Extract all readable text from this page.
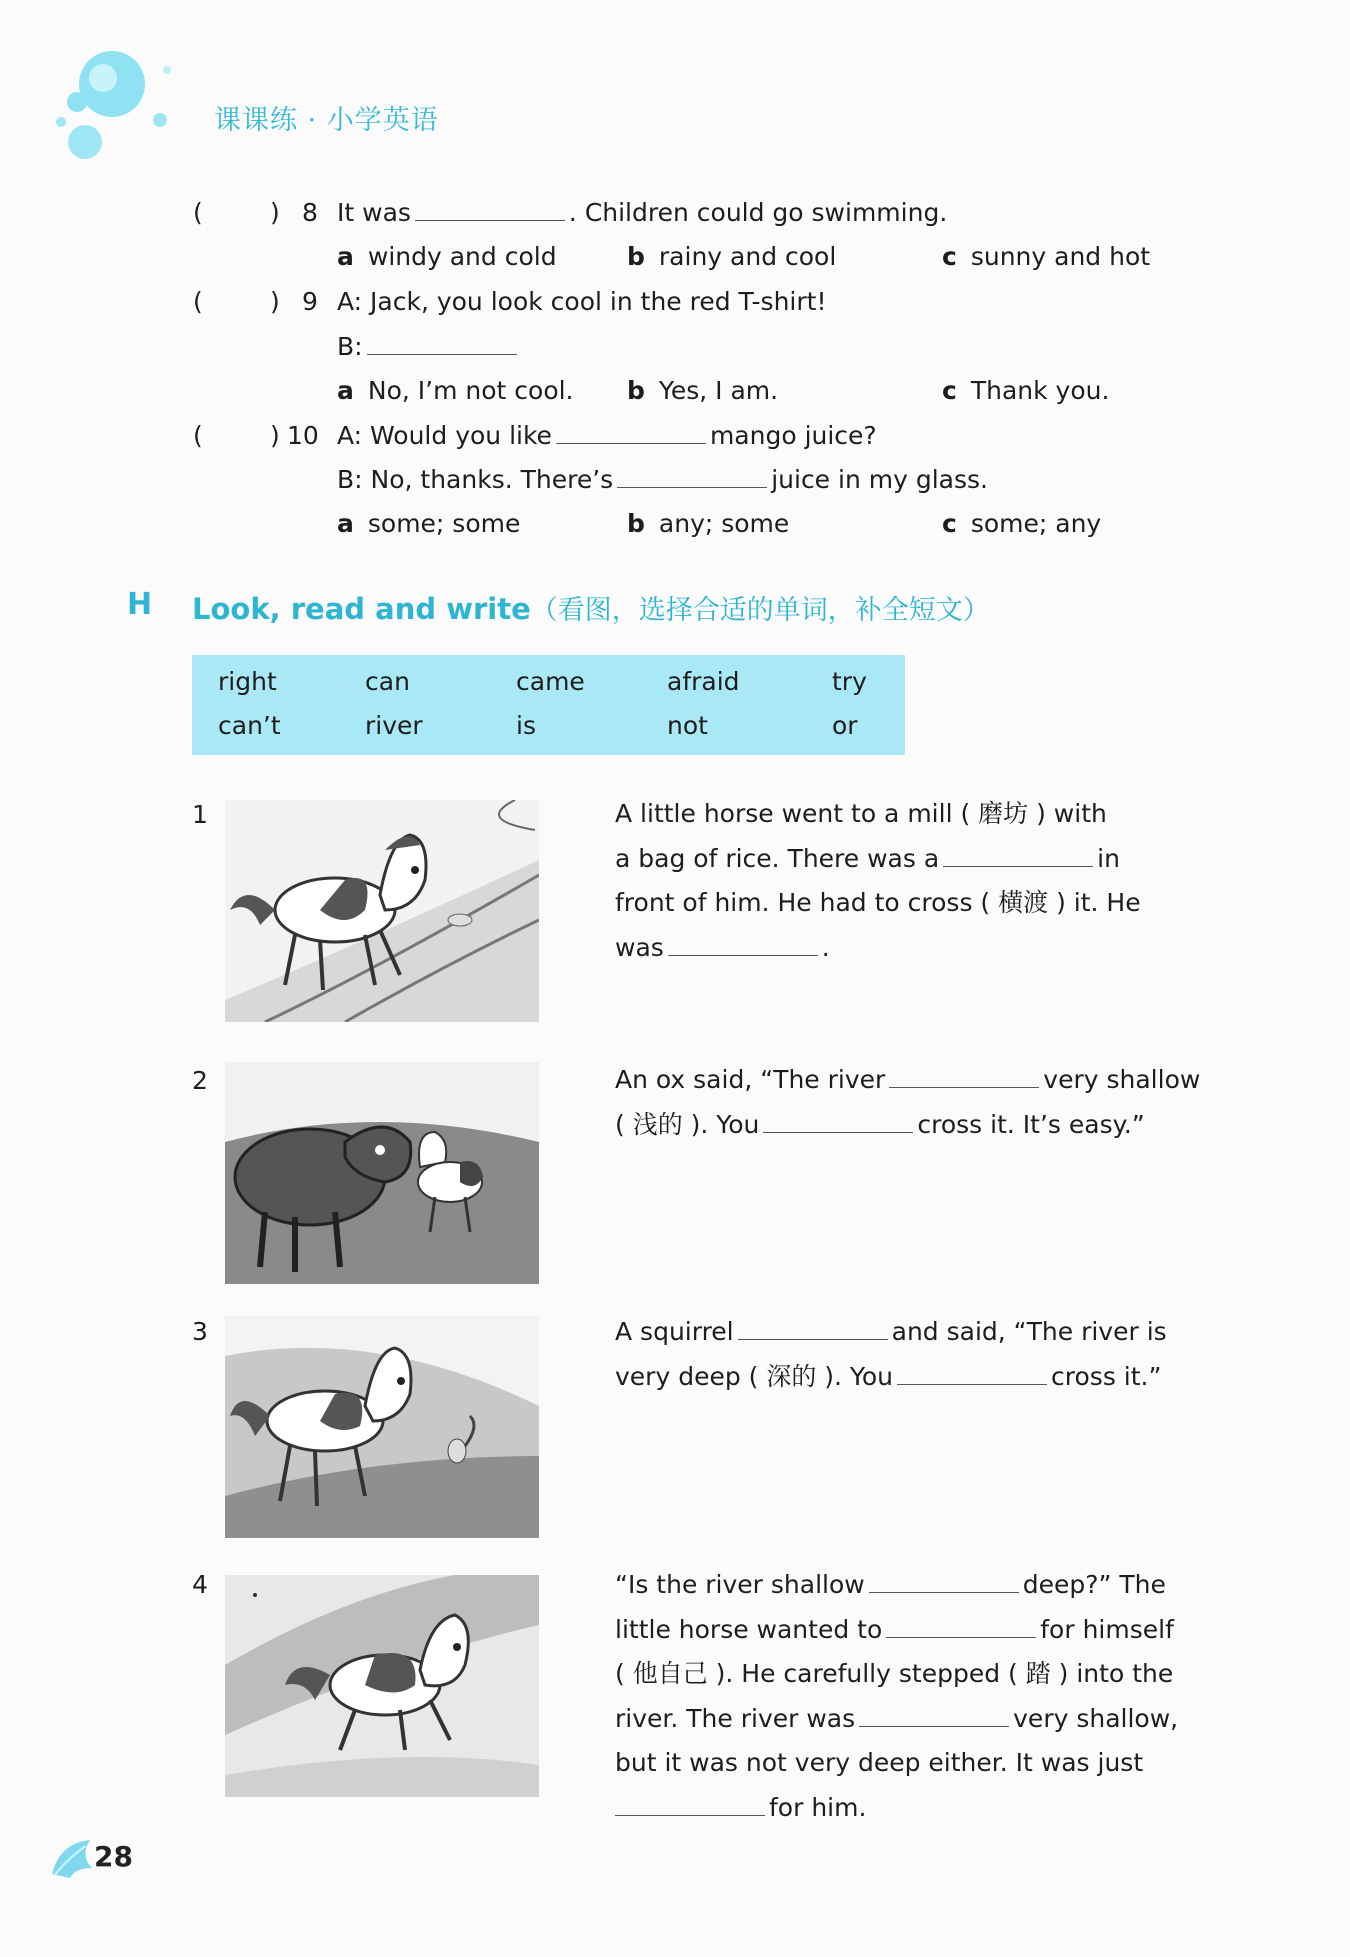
课课练 · 小学英语
(	) 8 It was	. Children could go swimming.
a windy and cold	b rainy and cool	c sunny and hot
(	) 9 A: Jack, you look cool in the red T-shirt!
B:
a No, I’m not cool. b Yes, I am.	c Thank you.
(	) 10 A: Would you like	mango juice?
B: No, thanks. There’s	juice in my glass.
a some; some	b any; some	c some; any
H Look, read and write（看图，选择合适的单词，补全短文）
right	can	came	afraid	try
can’t	river	is	not	or
1	A little horse went to a mill ( 磨坊 ) with
a bag of rice. There was a	in
front of him. He had to cross ( 横渡 ) it. He
was	.
2	An ox said, “The river	very shallow
( 浅的 ). You	cross it. It’s easy.”
3	A squirrel	and said, “The river is
very deep ( 深的 ). You	cross it.”
4	“Is the river shallow	deep?” The
little horse wanted to	for himself
( 他自己 ). He carefully stepped ( 踏 ) into the
river. The river was	very shallow,
but it was not very deep either. It was just
for him.
28
